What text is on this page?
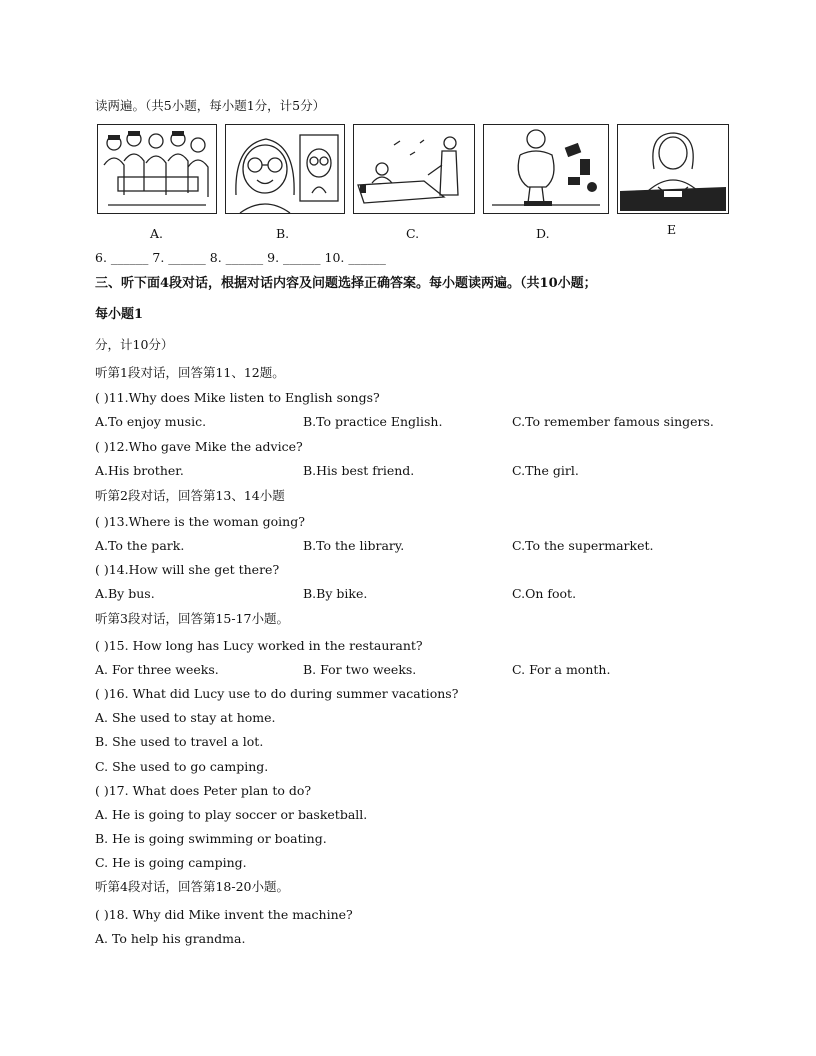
读两遍。（共5小题，每小题1分，计5分）
A.	B.	C.	D.	E
6. ______ 7. ______ 8. ______ 9. ______ 10. ______
三、听下面4段对话，根据对话内容及问题选择正确答案。每小题读两遍。（共10小题；
每小题1
分，计10分）
听第1段对话，回答第11、12题。
( )11.Why does Mike listen to English songs?
A.To enjoy music.	B.To practice English.	C.To remember famous singers.
( )12.Who gave Mike the advice?
A.His brother.	B.His best friend.	C.The girl.
听第2段对话，回答第13、14小题
( )13.Where is the woman going?
A.To the park.	B.To the library.	C.To the supermarket.
( )14.How will she get there?
A.By bus.	B.By bike.	C.On foot.
听第3段对话，回答第15-17小题。
( )15. How long has Lucy worked in the restaurant?
A. For three weeks.	B. For two weeks.	C. For a month.
( )16. What did Lucy use to do during summer vacations?
A. She used to stay at home.
B. She used to travel a lot.
C. She used to go camping.
( )17. What does Peter plan to do?
A. He is going to play soccer or basketball.
B. He is going swimming or boating.
C. He is going camping.
听第4段对话，回答第18-20小题。
( )18. Why did Mike invent the machine?
A. To help his grandma.
